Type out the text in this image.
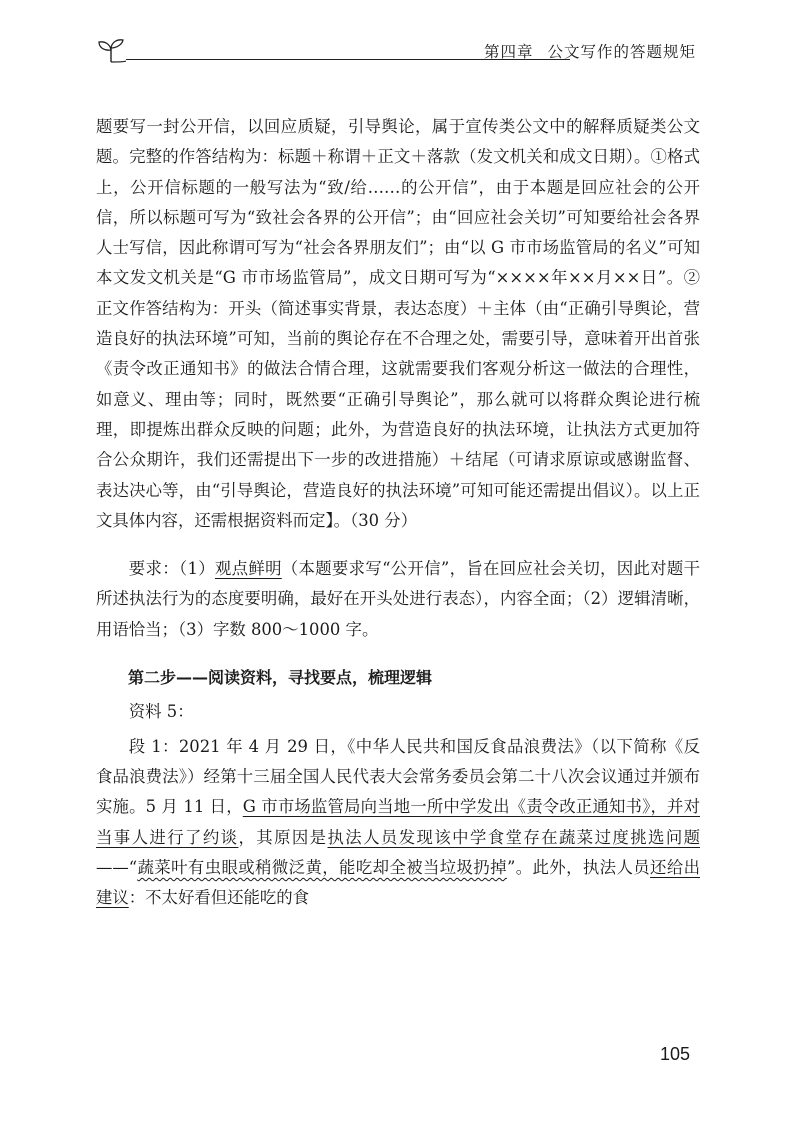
第四章 公文写作的答题规矩

题要写一封公开信，以回应质疑，引导舆论，属于宣传类公文中的解释质疑类公文题。完整的作答结构为：标题＋称谓＋正文＋落款（发文机关和成文日期）。①格式上，公开信标题的一般写法为“致/给……的公开信”，由于本题是回应社会的公开信，所以标题可写为“致社会各界的公开信”；由“回应社会关切”可知要给社会各界人士写信，因此称谓可写为“社会各界朋友们”；由“以 G 市市场监管局的名义”可知本文发文机关是“G 市市场监管局”，成文日期可写为“××××年××月××日”。②正文作答结构为：开头（简述事实背景，表达态度）＋主体（由“正确引导舆论，营造良好的执法环境”可知，当前的舆论存在不合理之处，需要引导，意味着开出首张《责令改正通知书》的做法合情合理，这就需要我们客观分析这一做法的合理性，如意义、理由等；同时，既然要“正确引导舆论”，那么就可以将群众舆论进行梳理，即提炼出群众反映的问题；此外，为营造良好的执法环境，让执法方式更加符合公众期许，我们还需提出下一步的改进措施）＋结尾（可请求原谅或感谢监督、表达决心等，由“引导舆论，营造良好的执法环境”可知可能还需提出倡议）。以上正文具体内容，还需根据资料而定】。（30 分）

要求：（1）观点鲜明（本题要求写“公开信”，旨在回应社会关切，因此对题干所述执法行为的态度要明确，最好在开头处进行表态），内容全面；（2）逻辑清晰，用语恰当；（3）字数 800～1000 字。

第二步——阅读资料，寻找要点，梳理逻辑

资料 5：

段 1：2021 年 4 月 29 日，《中华人民共和国反食品浪费法》（以下简称《反食品浪费法》）经第十三届全国人民代表大会常务委员会第二十八次会议通过并颁布实施。5 月 11 日，G 市市场监管局向当地一所中学发出《责令改正通知书》，并对当事人进行了约谈，其原因是执法人员发现该中学食堂存在蔬菜过度挑选问题——“蔬菜叶有虫眼或稍微泛黄，能吃却全被当垃圾扔掉”。此外，执法人员还给出建议：不太好看但还能吃的食

105
